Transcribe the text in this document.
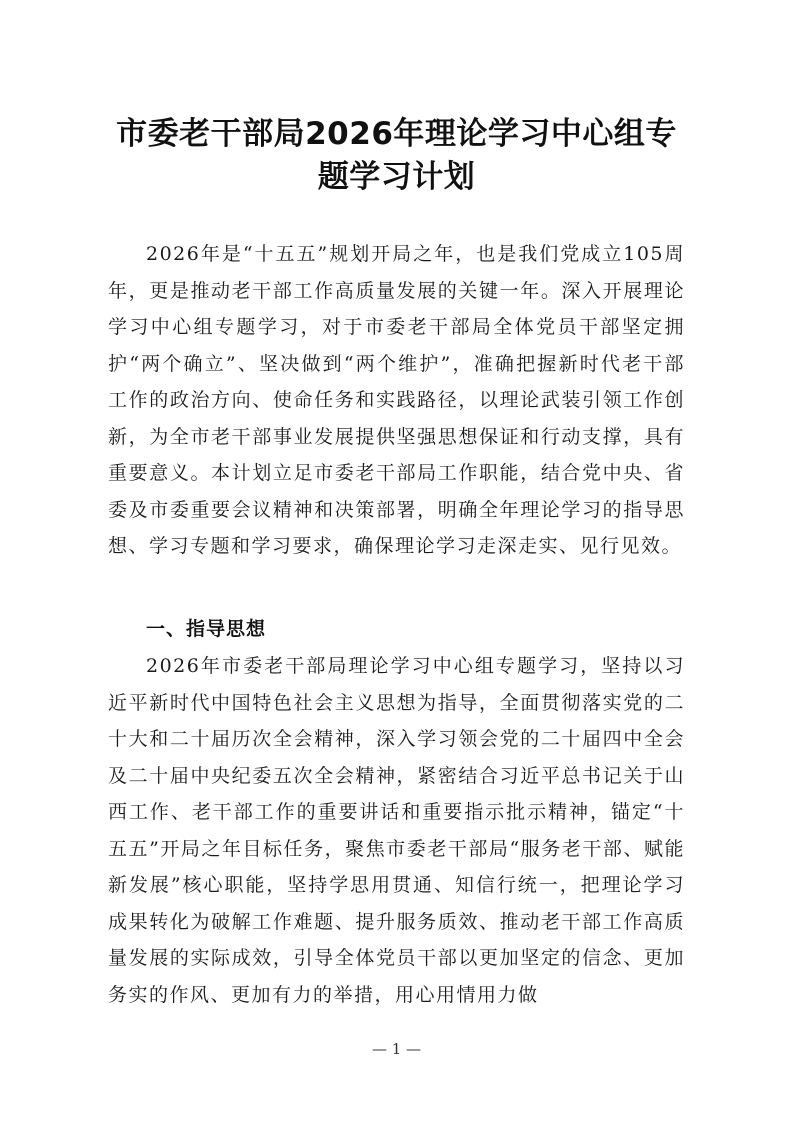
市委老干部局2026年理论学习中心组专题学习计划

2026年是“十五五”规划开局之年，也是我们党成立105周年，更是推动老干部工作高质量发展的关键一年。深入开展理论学习中心组专题学习，对于市委老干部局全体党员干部坚定拥护“两个确立”、坚决做到“两个维护”，准确把握新时代老干部工作的政治方向、使命任务和实践路径，以理论武装引领工作创新，为全市老干部事业发展提供坚强思想保证和行动支撑，具有重要意义。本计划立足市委老干部局工作职能，结合党中央、省委及市委重要会议精神和决策部署，明确全年理论学习的指导思想、学习专题和学习要求，确保理论学习走深走实、见行见效。

一、指导思想

2026年市委老干部局理论学习中心组专题学习，坚持以习近平新时代中国特色社会主义思想为指导，全面贯彻落实党的二十大和二十届历次全会精神，深入学习领会党的二十届四中全会及二十届中央纪委五次全会精神，紧密结合习近平总书记关于山西工作、老干部工作的重要讲话和重要指示批示精神，锚定“十五五”开局之年目标任务，聚焦市委老干部局“服务老干部、赋能新发展”核心职能，坚持学思用贯通、知信行统一，把理论学习成果转化为破解工作难题、提升服务质效、推动老干部工作高质量发展的实际成效，引导全体党员干部以更加坚定的信念、更加务实的作风、更加有力的举措，用心用情用力做

— 1 —
